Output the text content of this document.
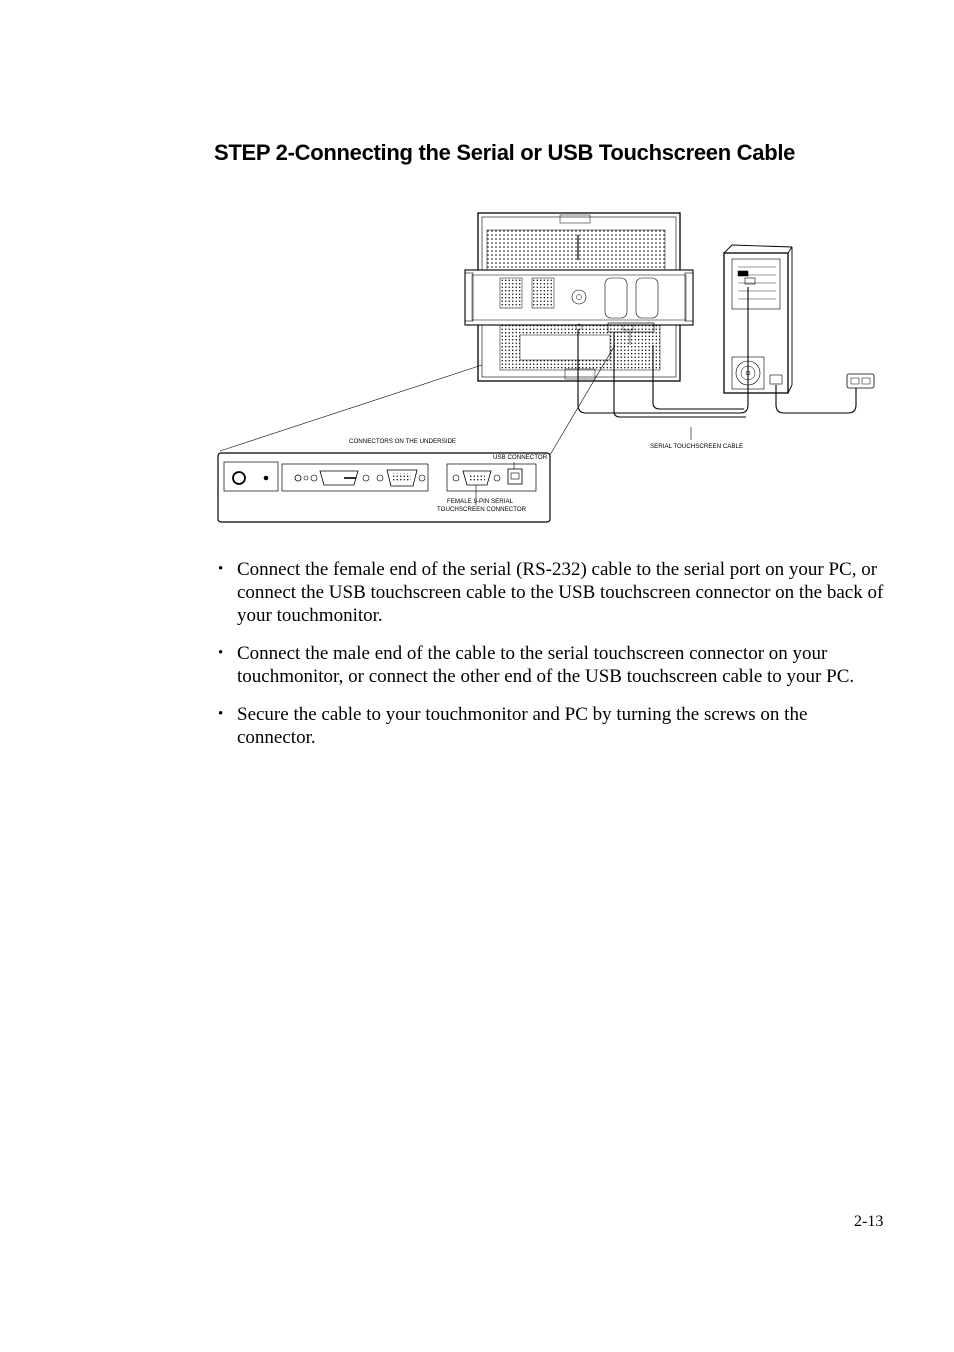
STEP 2-Connecting the Serial or USB Touchscreen Cable
CONNECTORS ON THE UNDERSIDE
USB CONNECTOR
FEMALE 9-PIN SERIAL
TOUCHSCREEN CONNECTOR
SERIAL TOUCHSCREEN CABLE
• Connect the female end of the serial (RS-232) cable to the serial port on your PC, or connect the USB touchscreen cable to the USB touchscreen connector on the back of your touchmonitor.
• Connect the male end of the cable to the serial touchscreen connector on your touchmonitor, or connect the other end of the USB touchscreen cable to your PC.
• Secure the cable to your touchmonitor and PC by turning the screws on the connector.
2-13
